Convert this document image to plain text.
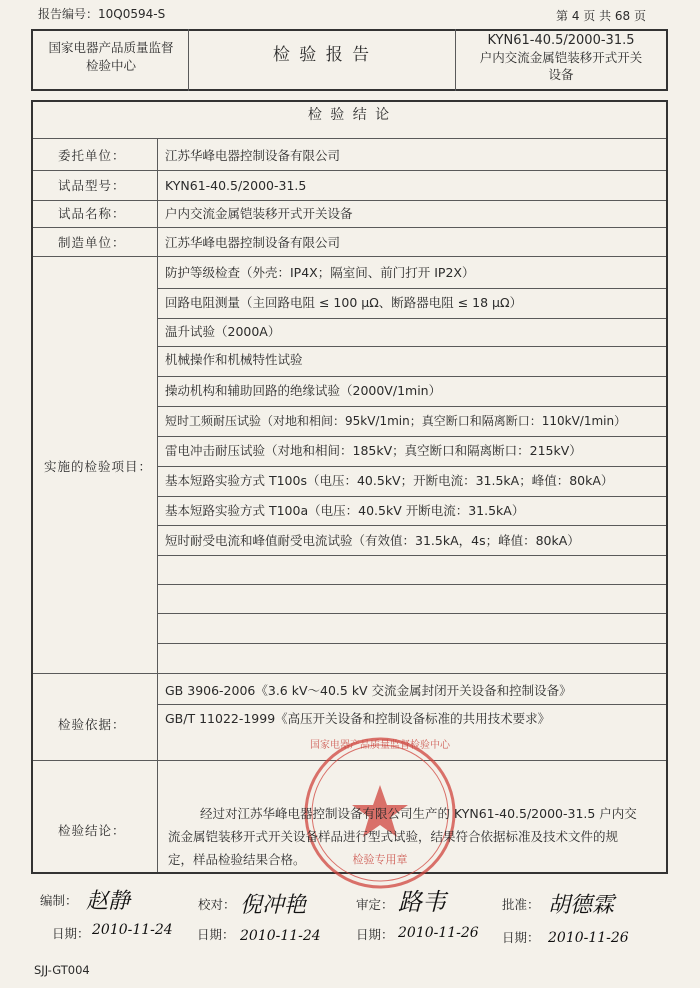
报告编号：10Q0594-S	第 4 页 共 68 页
国家电器产品质量监督
检验中心
检 验 报 告
KYN61-40.5/2000-31.5
户内交流金属铠装移开式开关
设备
检 验 结 论
委托单位：	江苏华峰电器控制设备有限公司
试品型号：	KYN61-40.5/2000-31.5
试品名称：	户内交流金属铠装移开式开关设备
制造单位：	江苏华峰电器控制设备有限公司
实施的检验项目：
防护等级检查（外壳：IP4X；隔室间、前门打开 IP2X）
回路电阻测量（主回路电阻 ≤ 100 μΩ、断路器电阻 ≤ 18 μΩ）
温升试验（2000A）
机械操作和机械特性试验
操动机构和辅助回路的绝缘试验（2000V/1min）
短时工频耐压试验（对地和相间：95kV/1min；真空断口和隔离断口：110kV/1min）
雷电冲击耐压试验（对地和相间：185kV；真空断口和隔离断口：215kV）
基本短路实验方式 T100s（电压：40.5kV；开断电流：31.5kA；峰值：80kA）
基本短路实验方式 T100a（电压：40.5kV 开断电流：31.5kA）
短时耐受电流和峰值耐受电流试验（有效值：31.5kA，4s；峰值：80kA）
检验依据：
GB 3906-2006《3.6 kV～40.5 kV 交流金属封闭开关设备和控制设备》
GB/T 11022-1999《高压开关设备和控制设备标准的共用技术要求》
国家电器产品质量监督检验中心
检验专用章
检验结论：
经过对江苏华峰电器控制设备有限公司生产的 KYN61-40.5/2000-31.5 户内交
流金属铠装移开式开关设备样品进行型式试验，结果符合依据标准及技术文件的规
定，样品检验结果合格。
编制： 赵静
日期： 2010-11-24
校对： 倪冲艳
日期： 2010-11-24
审定： 路韦
日期： 2010-11-26
批准： 胡德霖
日期： 2010-11-26
SJJ-GT004
